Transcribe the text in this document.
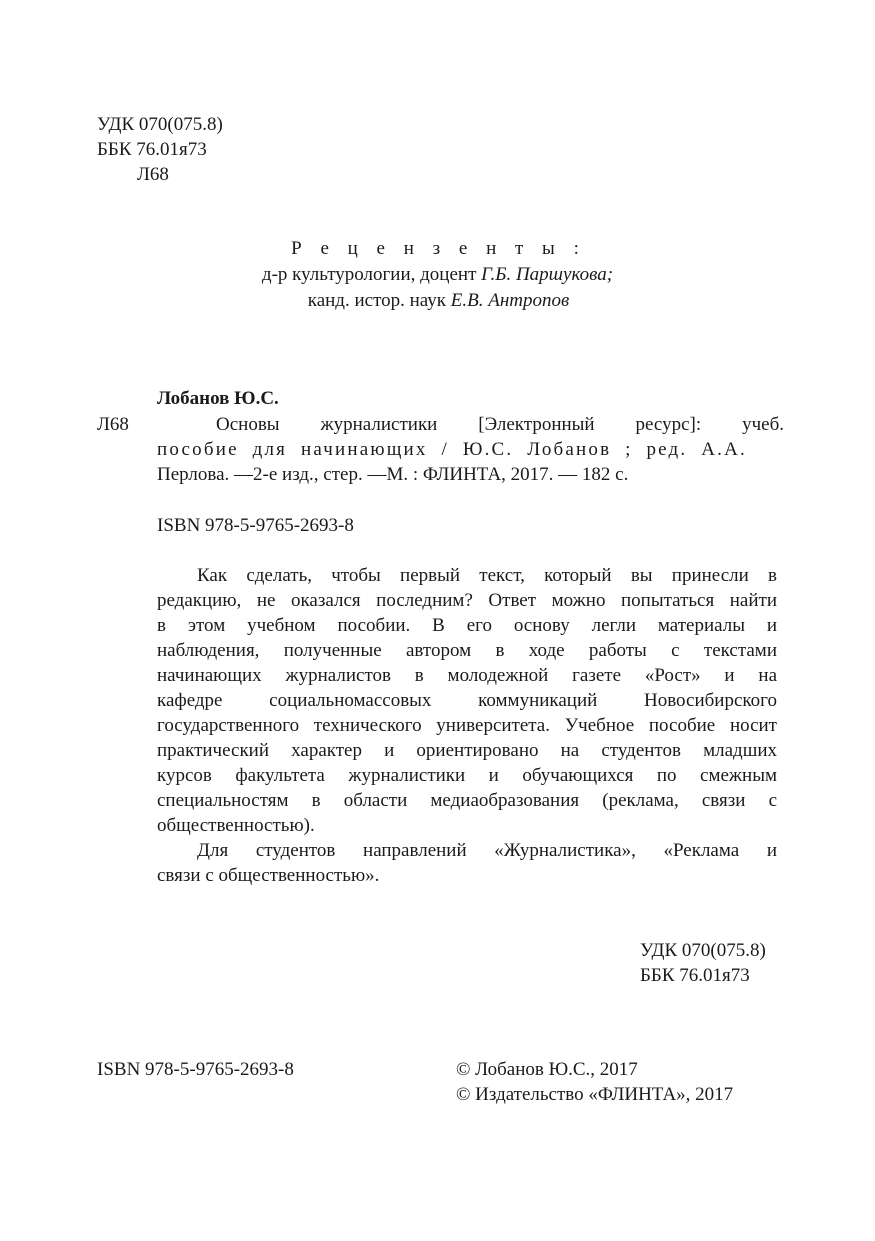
УДК 070(075.8)
ББК 76.01я73
Л68
Р е ц е н з е н т ы :
д-р культурологии, доцент Г.Б. Паршукова;
канд. истор. наук Е.В. Антропов
Лобанов Ю.С.
Л68	Основы журналистики [Электронный ресурс]: учеб.
пособие для начинающих / Ю.С. Лобанов ; ред. А.А.
Перлова. —2-е изд., стер. —М. : ФЛИНТА, 2017. — 182 с.
ISBN 978-5-9765-2693-8
Как сделать, чтобы первый текст, который вы принесли в
редакцию, не оказался последним? Ответ можно попытаться найти
в этом учебном пособии. В его основу легли материалы и
наблюдения, полученные автором в ходе работы с текстами
начинающих журналистов в молодежной газете «Рост» и на
кафедре социальномассовых коммуникаций Новосибирского
государственного технического университета. Учебное пособие носит
практический характер и ориентировано на студентов младших
курсов факультета журналистики и обучающихся по смежным
специальностям в области медиаобразования (реклама, связи с
общественностью).
Для студентов направлений «Журналистика», «Реклама и
связи с общественностью».
УДК 070(075.8)
ББК 76.01я73
ISBN 978-5-9765-2693-8	© Лобанов Ю.С., 2017
© Издательство «ФЛИНТА», 2017
